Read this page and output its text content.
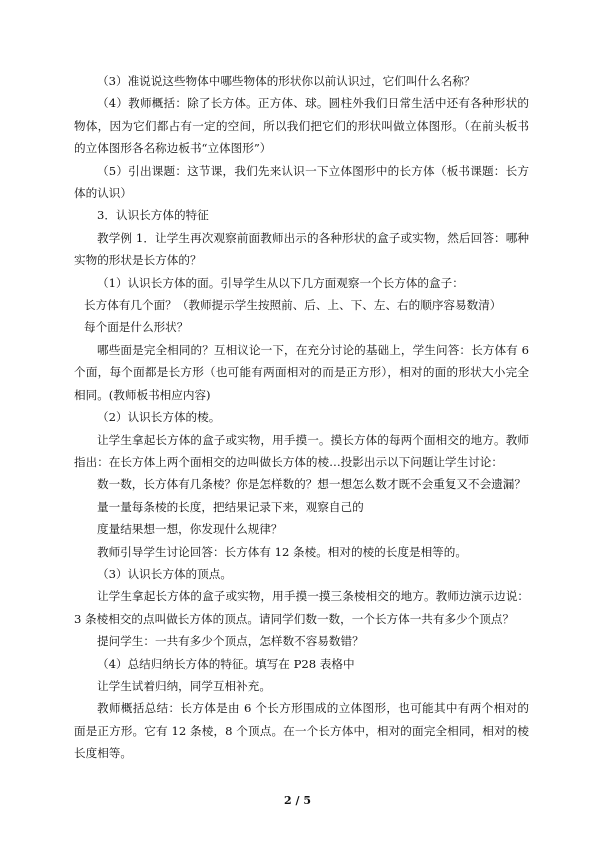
（3）准说说这些物体中哪些物体的形状你以前认识过，它们叫什么名称？

（4）教师概括：除了长方体。正方体、球。圆柱外我们日常生活中还有各种形状的物体，因为它们都占有一定的空间，所以我们把它们的形状叫做立体图形。（在前头板书的立体图形各名称边板书“立体图形”）

（5）引出课题：这节课，我们先来认识一下立体图形中的长方体（板书课题：长方体的认识）

3．认识长方体的特征

教学例 1．让学生再次观察前面教师出示的各种形状的盒子或实物，然后回答：哪种实物的形状是长方体的？

（1）认识长方体的面。引导学生从以下几方面观察一个长方体的盒子：

长方体有几个面？（教师提示学生按照前、后、上、下、左、右的顺序容易数清）

每个面是什么形状？

哪些面是完全相同的？互相议论一下，在充分讨论的基础上，学生问答：长方体有 6 个面，每个面都是长方形（也可能有两面相对的而是正方形），相对的面的形状大小完全相同。(教师板书相应内容)

（2）认识长方体的棱。

让学生拿起长方体的盒子或实物，用手摸一。摸长方体的每两个面相交的地方。教师指出：在长方体上两个面相交的边叫做长方体的棱…投影出示以下问题让学生讨论：

数一数，长方体有几条棱？你是怎样数的？想一想怎么数才既不会重复又不会遗漏？

量一量每条棱的长度，把结果记录下来，观察自己的

度量结果想一想，你发现什么规律？

教师引导学生讨论回答：长方体有 12 条棱。相对的棱的长度是相等的。

（3）认识长方体的顶点。

让学生拿起长方体的盒子或实物，用手摸一摸三条棱相交的地方。教师边演示边说：3 条棱相交的点叫做长方体的顶点。请同学们数一数，一个长方体一共有多少个顶点？

提问学生：一共有多少个顶点，怎样数不容易数错？

（4）总结归纳长方体的特征。填写在 P28 表格中

让学生试着归纳，同学互相补充。

教师概括总结：长方体是由 6 个长方形围成的立体图形，也可能其中有两个相对的面是正方形。它有 12 条棱，8 个顶点。在一个长方体中，相对的面完全相同，相对的棱长度相等。

2 / 5
